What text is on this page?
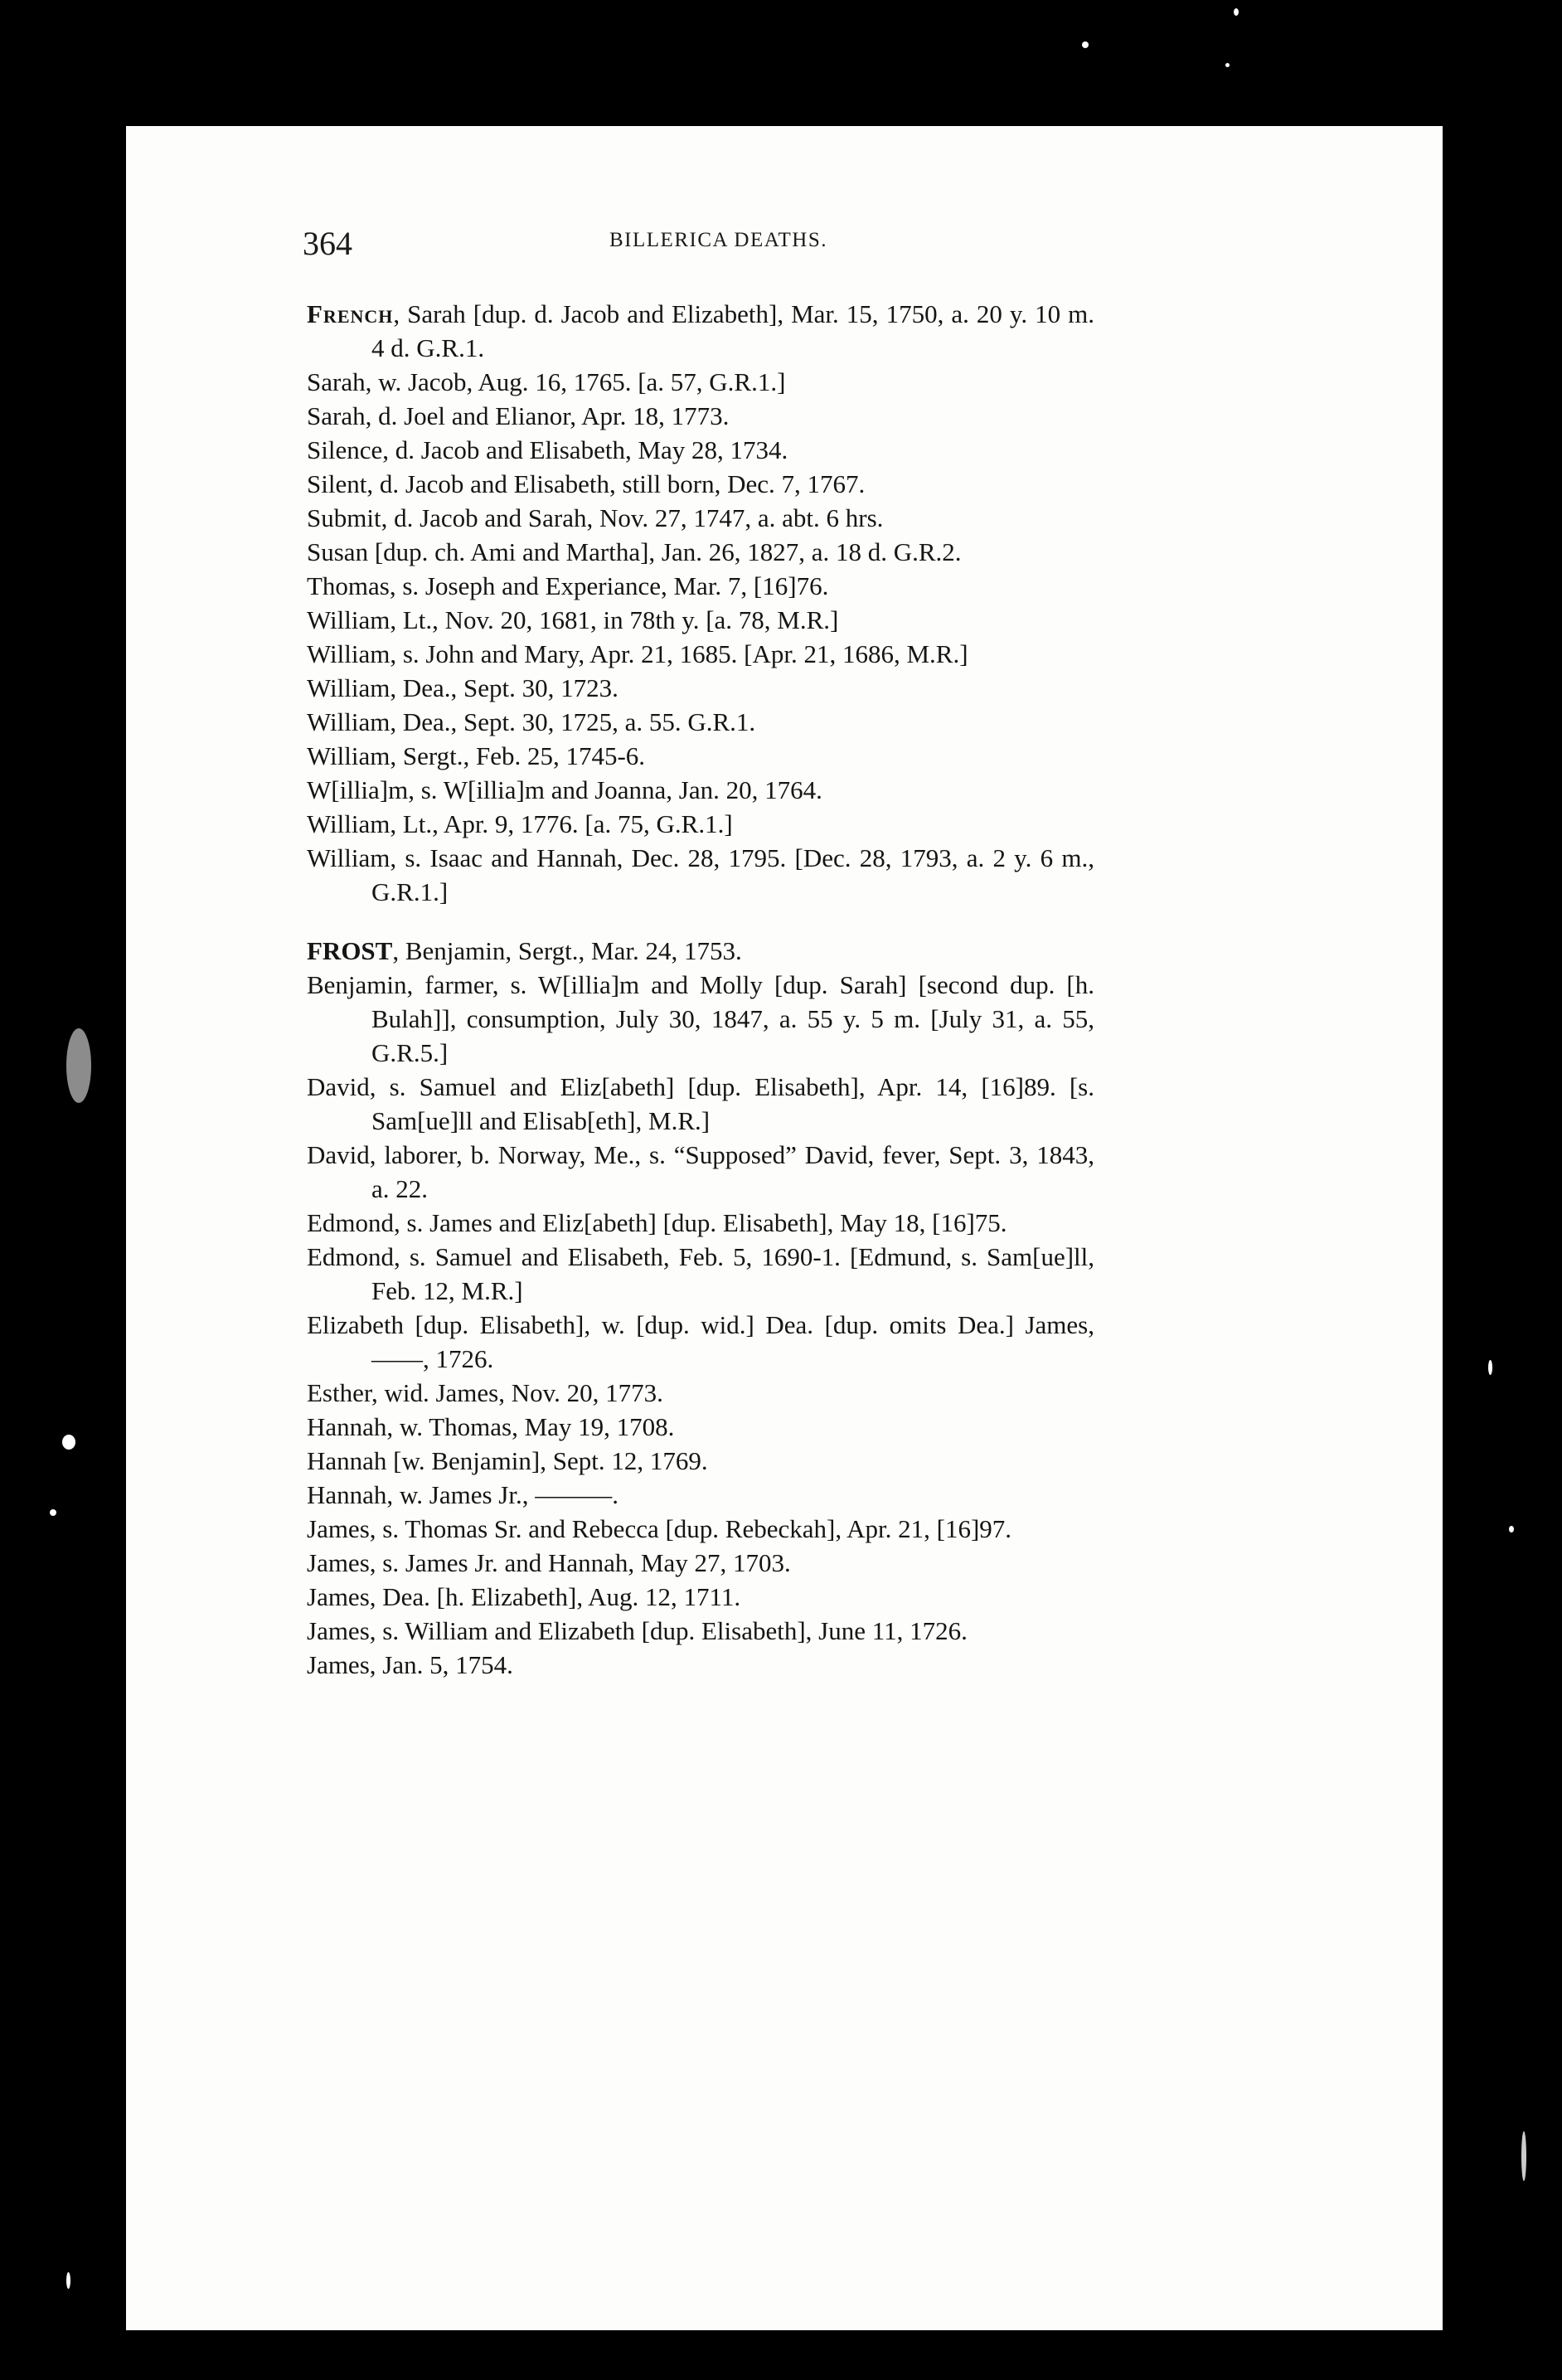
364	BILLERICA DEATHS.
French, Sarah [dup. d. Jacob and Elizabeth], Mar. 15, 1750, a. 20 y. 10 m. 4 d. G.R.1.
Sarah, w. Jacob, Aug. 16, 1765. [a. 57, G.R.1.]
Sarah, d. Joel and Elianor, Apr. 18, 1773.
Silence, d. Jacob and Elisabeth, May 28, 1734.
Silent, d. Jacob and Elisabeth, still born, Dec. 7, 1767.
Submit, d. Jacob and Sarah, Nov. 27, 1747, a. abt. 6 hrs.
Susan [dup. ch. Ami and Martha], Jan. 26, 1827, a. 18 d. G.R.2.
Thomas, s. Joseph and Experiance, Mar. 7, [16]76.
William, Lt., Nov. 20, 1681, in 78th y. [a. 78, M.R.]
William, s. John and Mary, Apr. 21, 1685. [Apr. 21, 1686, M.R.]
William, Dea., Sept. 30, 1723.
William, Dea., Sept. 30, 1725, a. 55. G.R.1.
William, Sergt., Feb. 25, 1745-6.
W[illia]m, s. W[illia]m and Joanna, Jan. 20, 1764.
William, Lt., Apr. 9, 1776. [a. 75, G.R.1.]
William, s. Isaac and Hannah, Dec. 28, 1795. [Dec. 28, 1793, a. 2 y. 6 m., G.R.1.]
FROST, Benjamin, Sergt., Mar. 24, 1753.
Benjamin, farmer, s. W[illia]m and Molly [dup. Sarah] [second dup. [h. Bulah]], consumption, July 30, 1847, a. 55 y. 5 m. [July 31, a. 55, G.R.5.]
David, s. Samuel and Eliz[abeth] [dup. Elisabeth], Apr. 14, [16]89. [s. Sam[ue]ll and Elisab[eth], M.R.]
David, laborer, b. Norway, Me., s. “Supposed” David, fever, Sept. 3, 1843, a. 22.
Edmond, s. James and Eliz[abeth] [dup. Elisabeth], May 18, [16]75.
Edmond, s. Samuel and Elisabeth, Feb. 5, 1690-1. [Edmund, s. Sam[ue]ll, Feb. 12, M.R.]
Elizabeth [dup. Elisabeth], w. [dup. wid.] Dea. [dup. omits Dea.] James, ——, 1726.
Esther, wid. James, Nov. 20, 1773.
Hannah, w. Thomas, May 19, 1708.
Hannah [w. Benjamin], Sept. 12, 1769.
Hannah, w. James Jr., ———.
James, s. Thomas Sr. and Rebecca [dup. Rebeckah], Apr. 21, [16]97.
James, s. James Jr. and Hannah, May 27, 1703.
James, Dea. [h. Elizabeth], Aug. 12, 1711.
James, s. William and Elizabeth [dup. Elisabeth], June 11, 1726.
James, Jan. 5, 1754.
